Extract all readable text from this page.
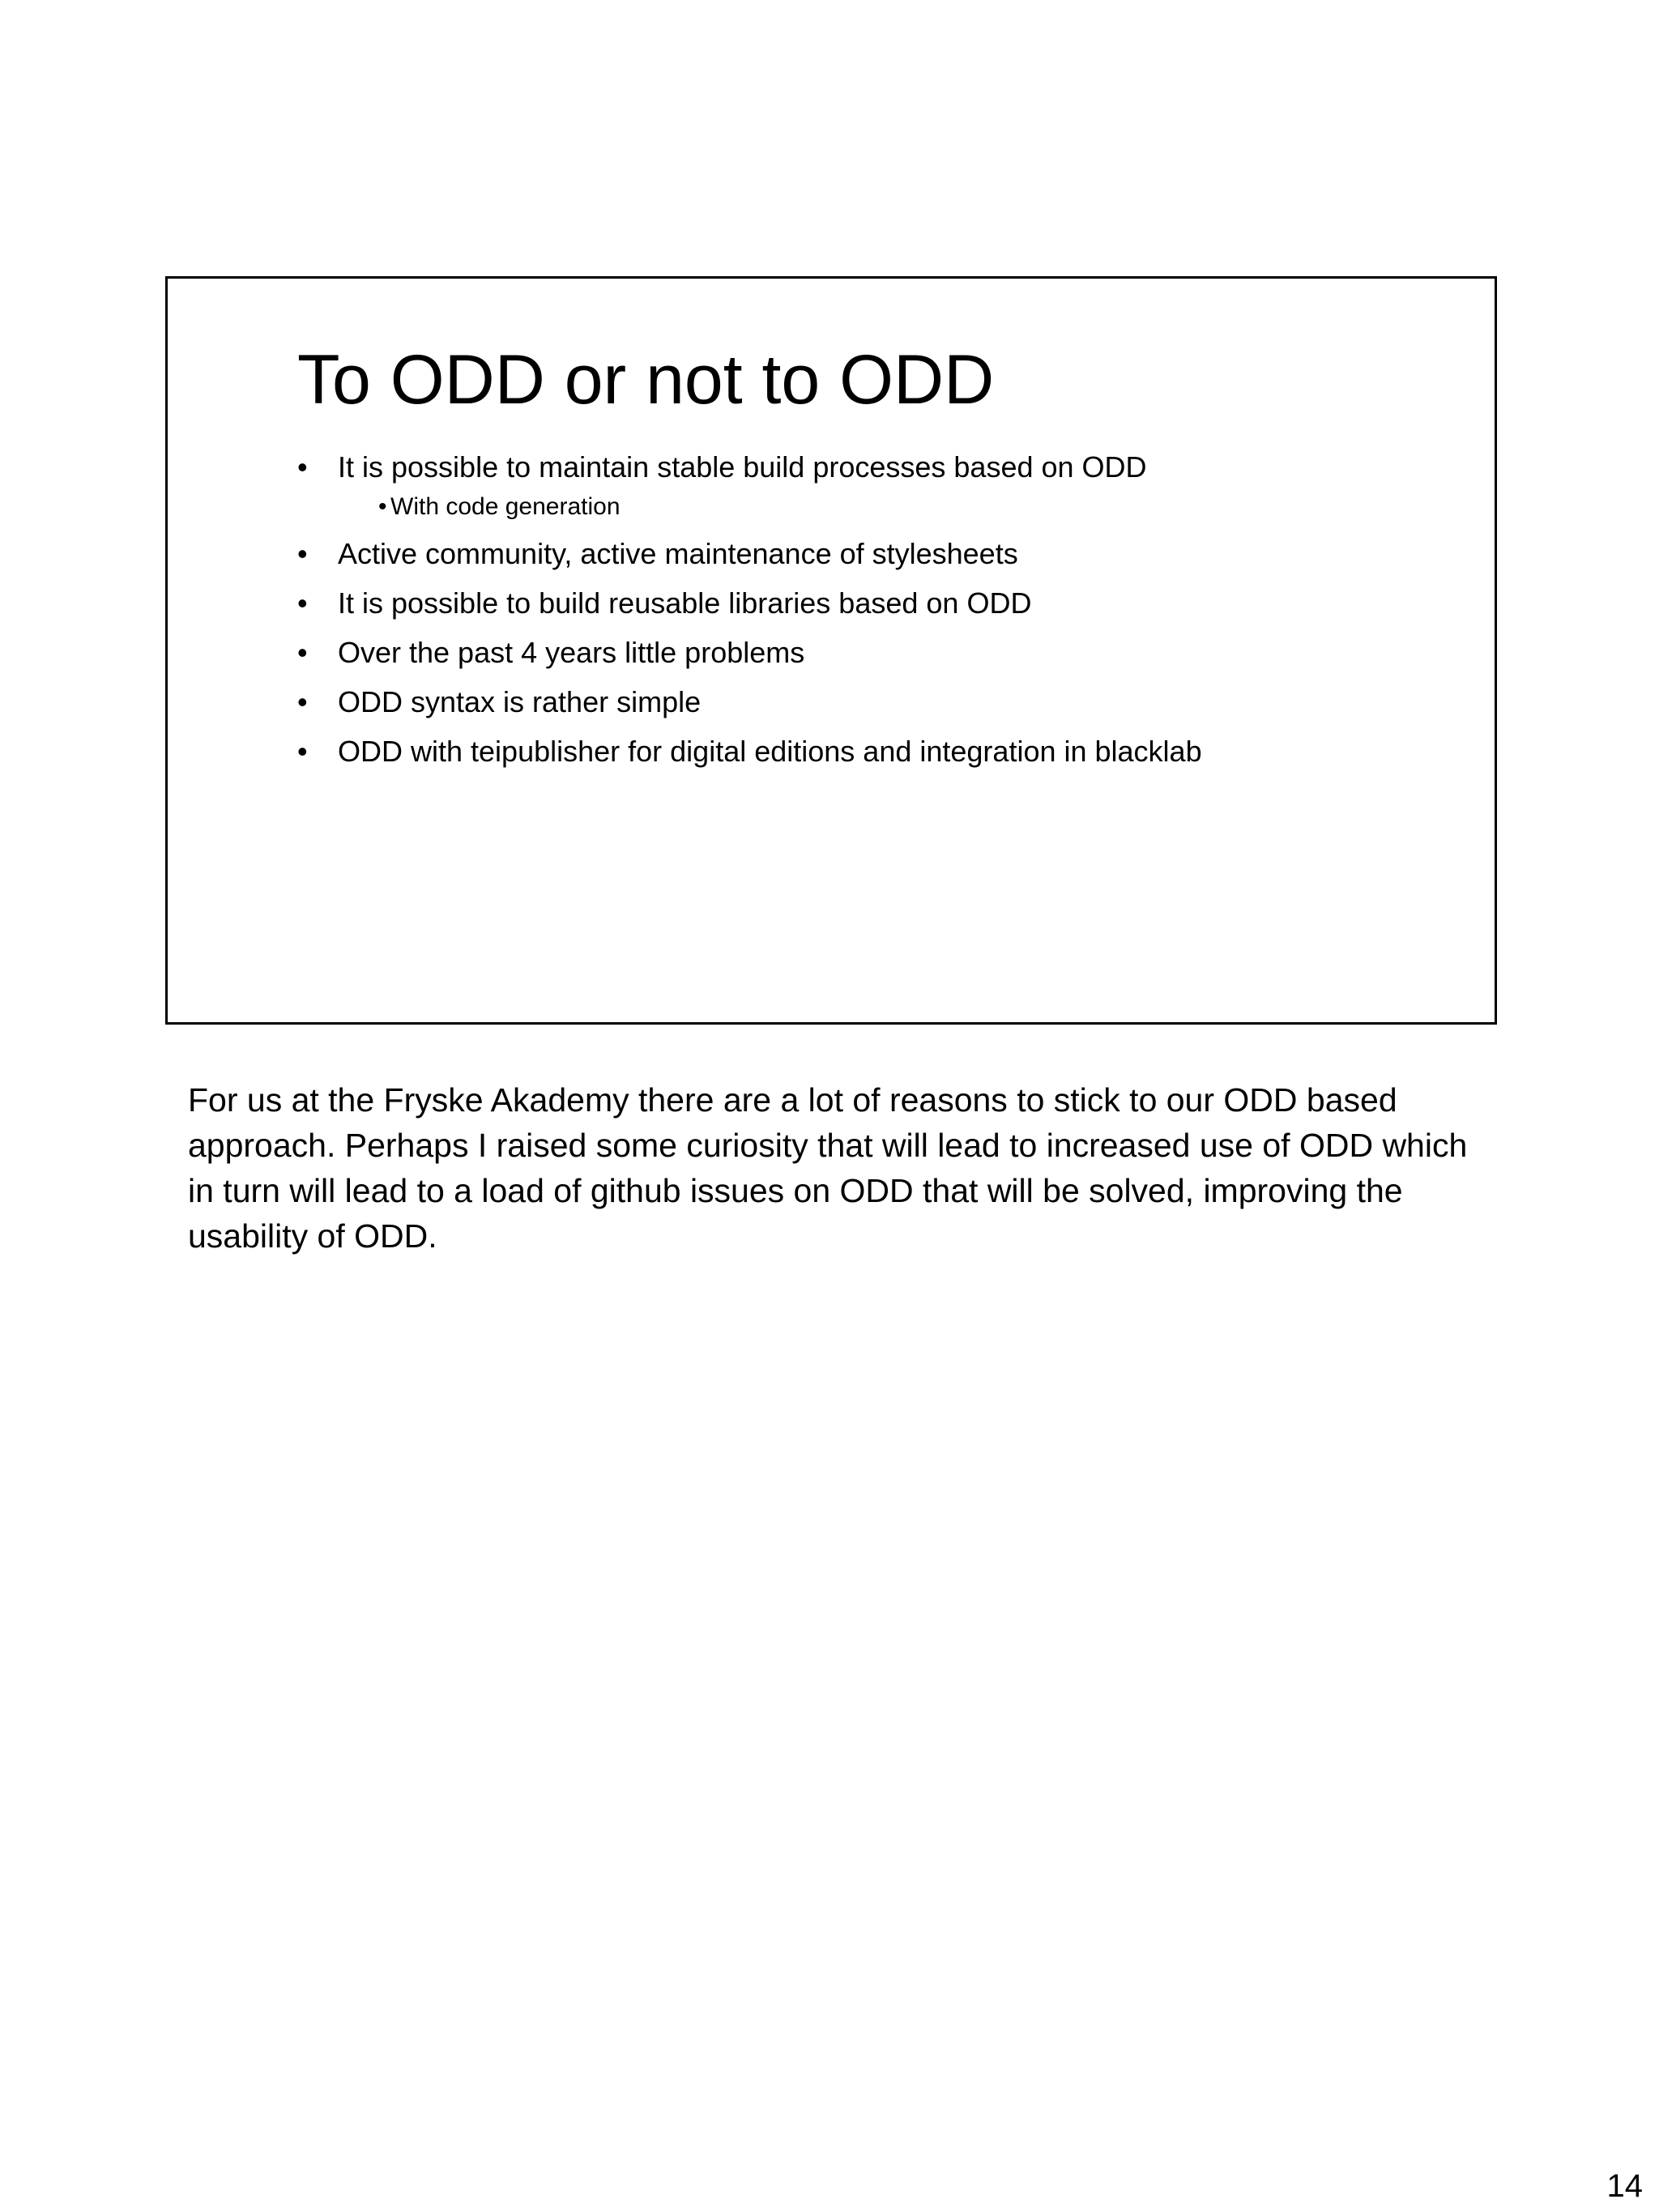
To ODD or not to ODD
• It is possible to maintain stable build processes based on ODD
• With code generation
• Active community, active maintenance of stylesheets
• It is possible to build reusable libraries based on ODD
• Over the past 4 years little problems
• ODD syntax is rather simple
• ODD with teipublisher for digital editions and integration in blacklab

For us at the Fryske Akademy there are a lot of reasons to stick to our ODD based approach. Perhaps I raised some curiosity that will lead to increased use of ODD which in turn will lead to a load of github issues on ODD that will be solved, improving the usability of ODD.

14
